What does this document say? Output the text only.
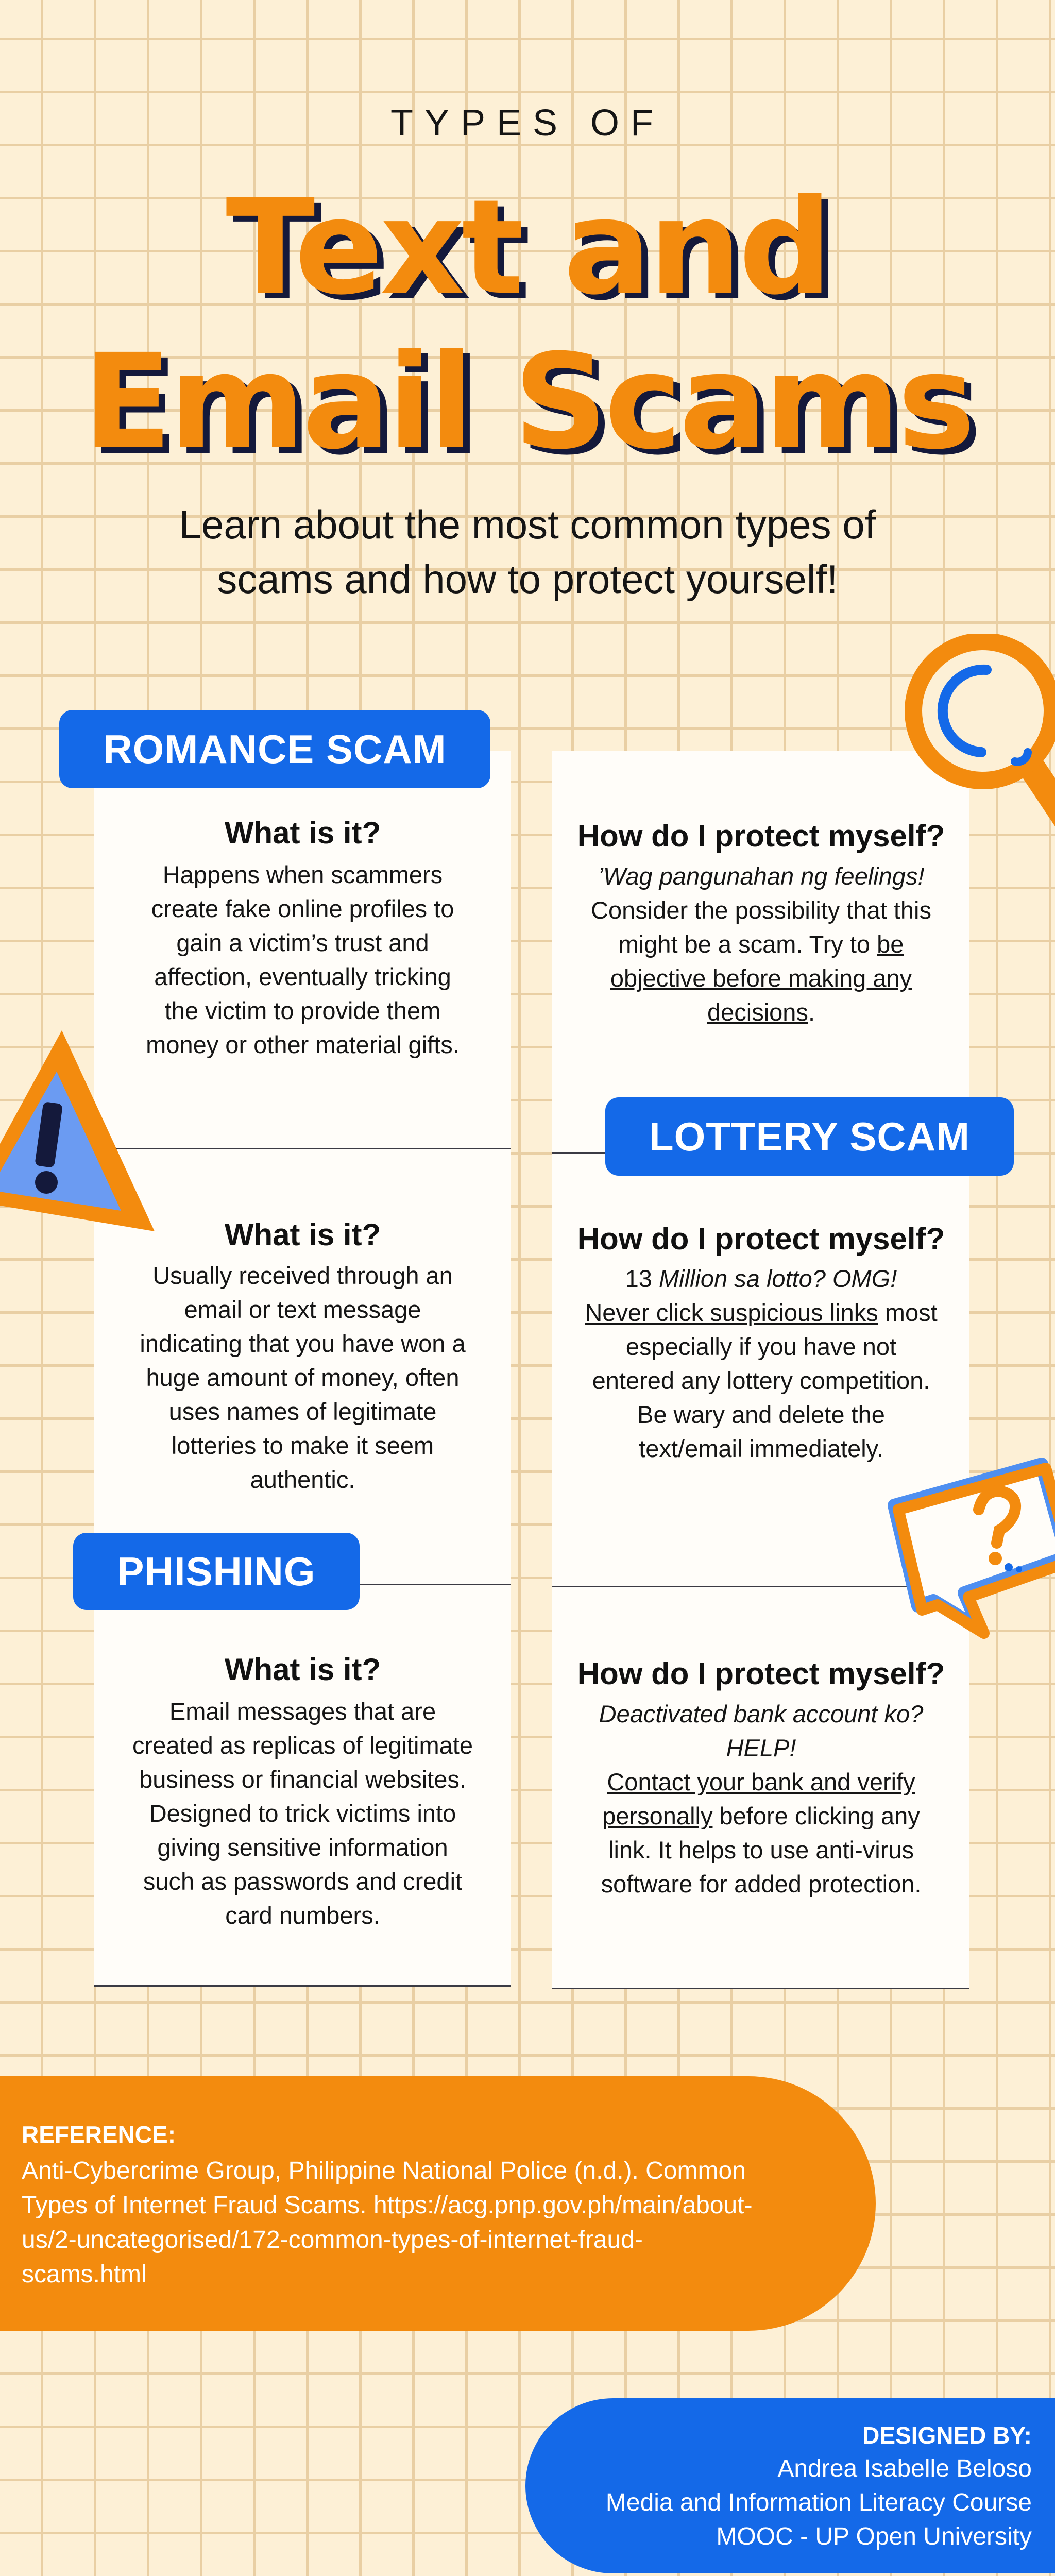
TYPES OF
Text and
Email Scams
Learn about the most common types of
scams and how to protect yourself!
ROMANCE SCAM
What is it?
Happens when scammers
create fake online profiles to
gain a victim’s trust and
affection, eventually tricking
the victim to provide them
money or other material gifts.
How do I protect myself?
’Wag pangunahan ng feelings!
Consider the possibility that this
might be a scam. Try to be
objective before making any
decisions.
LOTTERY SCAM
What is it?
Usually received through an
email or text message
indicating that you have won a
huge amount of money, often
uses names of legitimate
lotteries to make it seem
authentic.
How do I protect myself?
13 Million sa lotto? OMG!
Never click suspicious links most
especially if you have not
entered any lottery competition.
Be wary and delete the
text/email immediately.
PHISHING
What is it?
Email messages that are
created as replicas of legitimate
business or financial websites.
Designed to trick victims into
giving sensitive information
such as passwords and credit
card numbers.
How do I protect myself?
Deactivated bank account ko?
HELP!
Contact your bank and verify
personally before clicking any
link. It helps to use anti-virus
software for added protection.
REFERENCE:
Anti-Cybercrime Group, Philippine National Police (n.d.). Common
Types of Internet Fraud Scams. https://acg.pnp.gov.ph/main/about-
us/2-uncategorised/172-common-types-of-internet-fraud-
scams.html
DESIGNED BY:
Andrea Isabelle Beloso
Media and Information Literacy Course
MOOC - UP Open University
